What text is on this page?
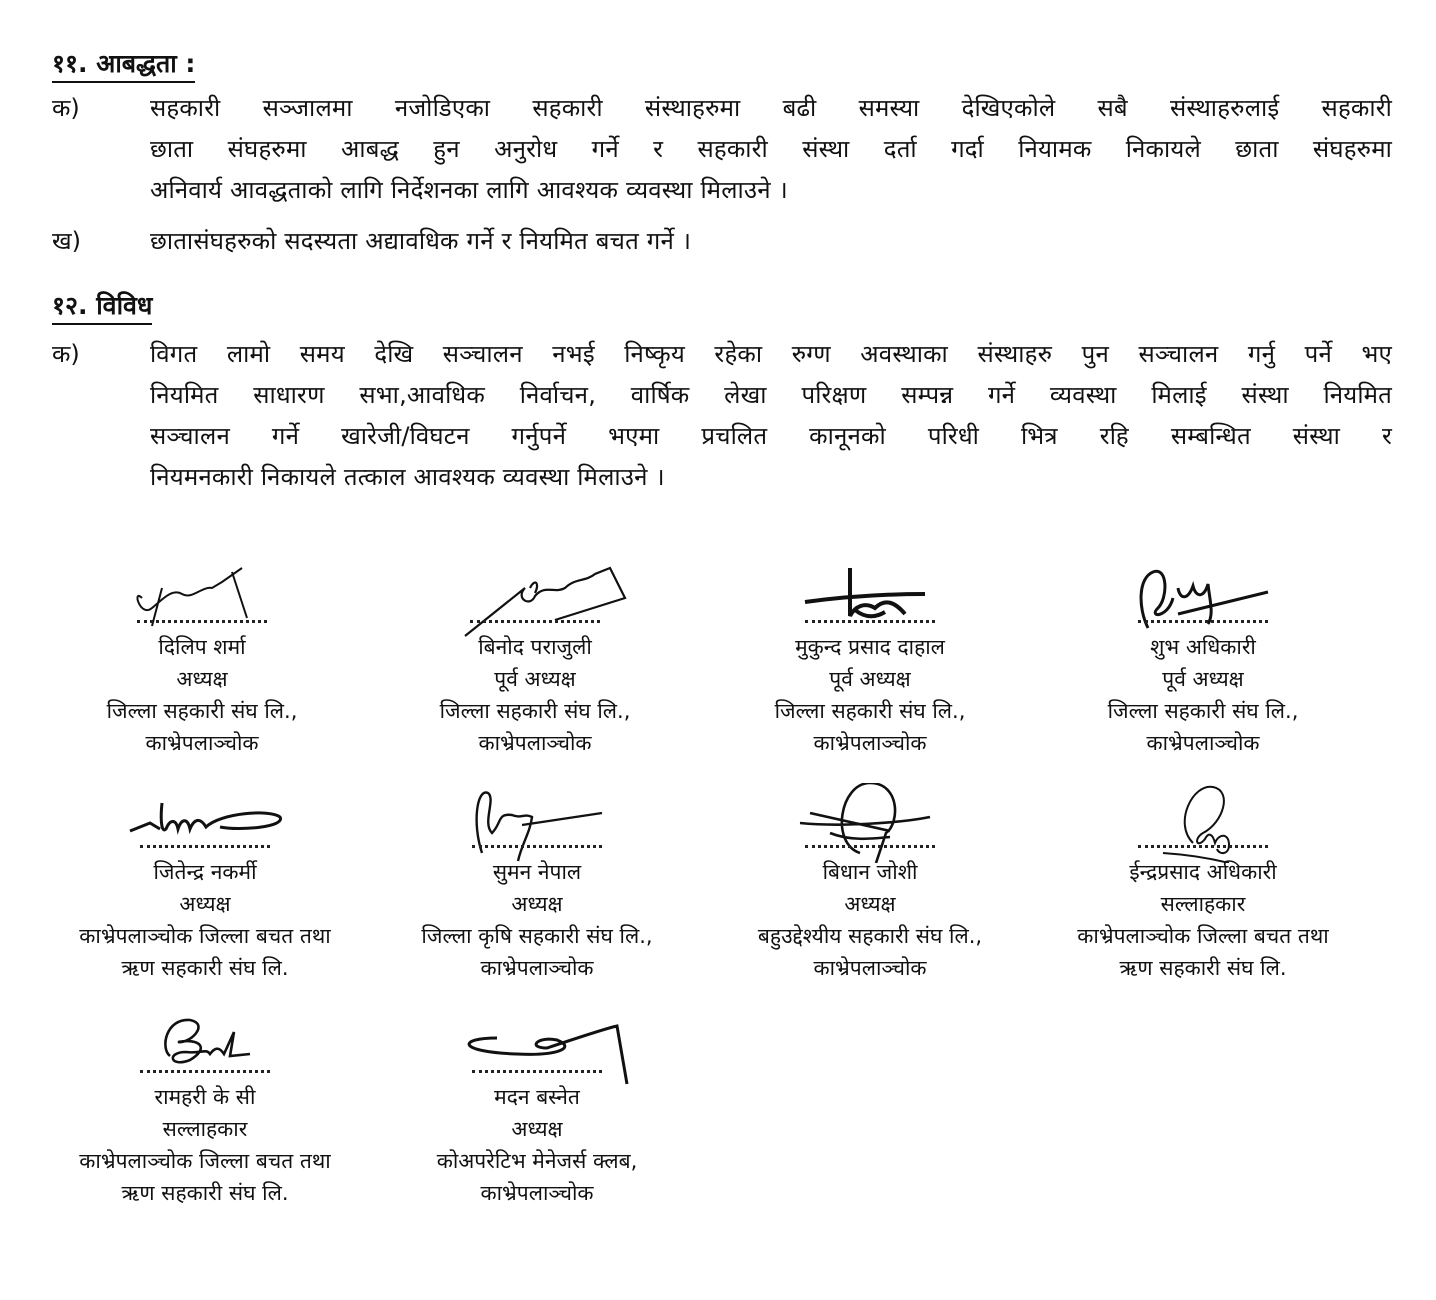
११. आबद्धता :
क)	सहकारी सञ्जालमा नजोडिएका सहकारी संस्थाहरुमा बढी समस्या देखिएकोले सबै संस्थाहरुलाई सहकारी
छाता संघहरुमा आबद्ध हुन अनुरोध गर्ने र सहकारी संस्था दर्ता गर्दा नियामक निकायले छाता संघहरुमा
अनिवार्य आवद्धताको लागि निर्देशनका लागि आवश्यक व्यवस्था मिलाउने ।
ख)	छातासंघहरुको सदस्यता अद्यावधिक गर्ने र नियमित बचत गर्ने ।
१२. विविध
क)	विगत लामो समय देखि सञ्चालन नभई निष्कृय रहेका रुग्ण अवस्थाका संस्थाहरु पुन सञ्चालन गर्नु पर्ने भए
नियमित साधारण सभा,आवधिक निर्वाचन, वार्षिक लेखा परिक्षण सम्पन्न गर्ने व्यवस्था मिलाई संस्था नियमित
सञ्चालन गर्ने खारेजी/विघटन गर्नुपर्ने भएमा प्रचलित कानूनको परिधी भित्र रहि सम्बन्धित संस्था र
नियमनकारी निकायले तत्काल आवश्यक व्यवस्था मिलाउने ।
दिलिप शर्मा
अध्यक्ष
जिल्ला सहकारी संघ लि.,
काभ्रेपलाञ्चोक
बिनोद पराजुली
पूर्व अध्यक्ष
जिल्ला सहकारी संघ लि.,
काभ्रेपलाञ्चोक
मुकुन्द प्रसाद दाहाल
पूर्व अध्यक्ष
जिल्ला सहकारी संघ लि.,
काभ्रेपलाञ्चोक
शुभ अधिकारी
पूर्व अध्यक्ष
जिल्ला सहकारी संघ लि.,
काभ्रेपलाञ्चोक
जितेन्द्र नकर्मी
अध्यक्ष
काभ्रेपलाञ्चोक जिल्ला बचत तथा
ऋण सहकारी संघ लि.
सुमन नेपाल
अध्यक्ष
जिल्ला कृषि सहकारी संघ लि.,
काभ्रेपलाञ्चोक
बिधान जोशी
अध्यक्ष
बहुउद्देश्यीय सहकारी संघ लि.,
काभ्रेपलाञ्चोक
ईन्द्रप्रसाद अधिकारी
सल्लाहकार
काभ्रेपलाञ्चोक जिल्ला बचत तथा
ऋण सहकारी संघ लि.
रामहरी के सी
सल्लाहकार
काभ्रेपलाञ्चोक जिल्ला बचत तथा
ऋण सहकारी संघ लि.
मदन बस्नेत
अध्यक्ष
कोअपरेटिभ मेनेजर्स क्लब,
काभ्रेपलाञ्चोक
